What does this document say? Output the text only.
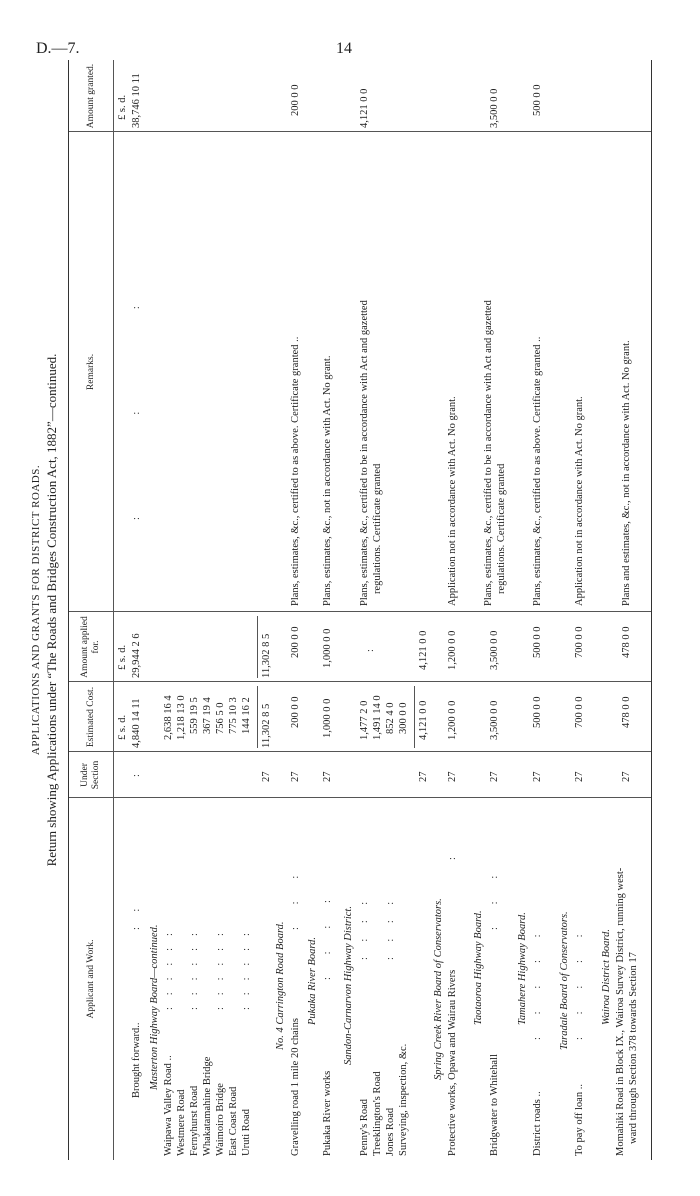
D.—7.	14
APPLICATIONS AND GRANTS FOR DISTRICT ROADS. Return showing Applications under “The Roads and Bridges Construction Act, 1882”—continued.
Applicant and Work.
Under Section
Estimated Cost.
Amount applied for.
Remarks.
Amount granted.
£ s. d.
£ s. d.
£ s. d.
Brought forward..
:    :
:
4,840 14 11
29,944 2 6
:                            :                            :
38,746 10 11
Masterton Highway Board—continued.
Waipawa Valley Road .. Westmere Road Fernyhurst Road Whakatamahine Bridge Waimoiro Bridge East Coast Road Uruti Road
:   :   :   :   :   : :   :   :   :   :   : :   :   :   :   :   : :   :   :   :   :   :
2,638 16 4 1,218 13 0 559 19 5 367 19 4 756 5 0 775 10 3 144 16 2
27
11,302 8 5
11,302 8 5
No. 4 Carrington Road Board.
Gravelling road 1 mile 20 chains
:      :      :
27
200 0 0
200 0 0
Plans, estimates, &c., certified to as above. Certificate granted ..
200 0 0
Pukaka River Board.
Pukaka River works
:      :      :      :
27
1,000 0 0
1,000 0 0
Plans, estimates, &c., not in accordance with Act. No grant.
Sandon-Carnarvon Highway District.
Penny's Road Treeklington's Road Jones Road Surveying, inspection, &c.
:    :    :    : :    :    :    :
1,477 2 0 1,491 14 0 852 4 0 300 0 0
:
Plans, estimates, &c., certified to be in accordance with Act and gazetted regulations. Certificate granted
4,121 0 0
27
4,121 0 0
4,121 0 0
Spring Creek River Board of Conservators. Protective works, Opawa and Wairau Rivers
:
27
1,200 0 0
1,200 0 0
Application not in accordance with Act. No grant.
Taotaoroa Highway Board.
Bridgwater to Whitehall
:      :      :
27
3,500 0 0
3,500 0 0
Plans, estimates, &c., certified to be in accordance with Act and gazetted regulations. Certificate granted
3,500 0 0
Tamahere Highway Board.
District roads ..
:      :      :      :      :
27
500 0 0
500 0 0
Plans, estimates, &c., certified to as above. Certificate granted ..
500 0 0
Taradale Board of Conservators.
To pay off loan ..
:      :      :      :      :
27
700 0 0
700 0 0
Application not in accordance with Act. No grant.
Wairoa District Board. Momahiki Road in Block IX., Wairoa Survey District, running west- ward through Section 378 towards Section 17
27
478 0 0
478 0 0
Plans and estimates, &c., not in accordance with Act. No grant.
